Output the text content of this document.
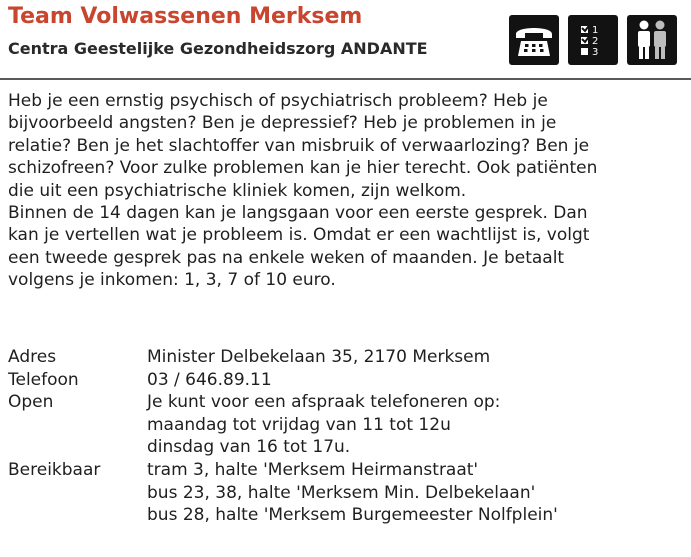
Team Volwassenen Merksem
Centra Geestelijke Gezondheidszorg ANDANTE
1
2
3

Heb je een ernstig psychisch of psychiatrisch probleem? Heb je

bijvoorbeeld angsten? Ben je depressief? Heb je problemen in je

relatie? Ben je het slachtoffer van misbruik of verwaarlozing? Ben je

schizofreen? Voor zulke problemen kan je hier terecht. Ook patiënten

die uit een psychiatrische kliniek komen, zijn welkom.

Binnen de 14 dagen kan je langsgaan voor een eerste gesprek. Dan

kan je vertellen wat je probleem is. Omdat er een wachtlijst is, volgt

een tweede gesprek pas na enkele weken of maanden. Je betaalt

volgens je inkomen: 1, 3, 7 of 10 euro.

Adres	Minister Delbekelaan 35, 2170 Merksem
Telefoon	03 / 646.89.11
Open	Je kunt voor een afspraak telefoneren op:
maandag tot vrijdag van 11 tot 12u
dinsdag van 16 tot 17u.
Bereikbaar	tram 3, halte 'Merksem Heirmanstraat'
bus 23, 38, halte 'Merksem Min. Delbekelaan'
bus 28, halte 'Merksem Burgemeester Nolfplein'
